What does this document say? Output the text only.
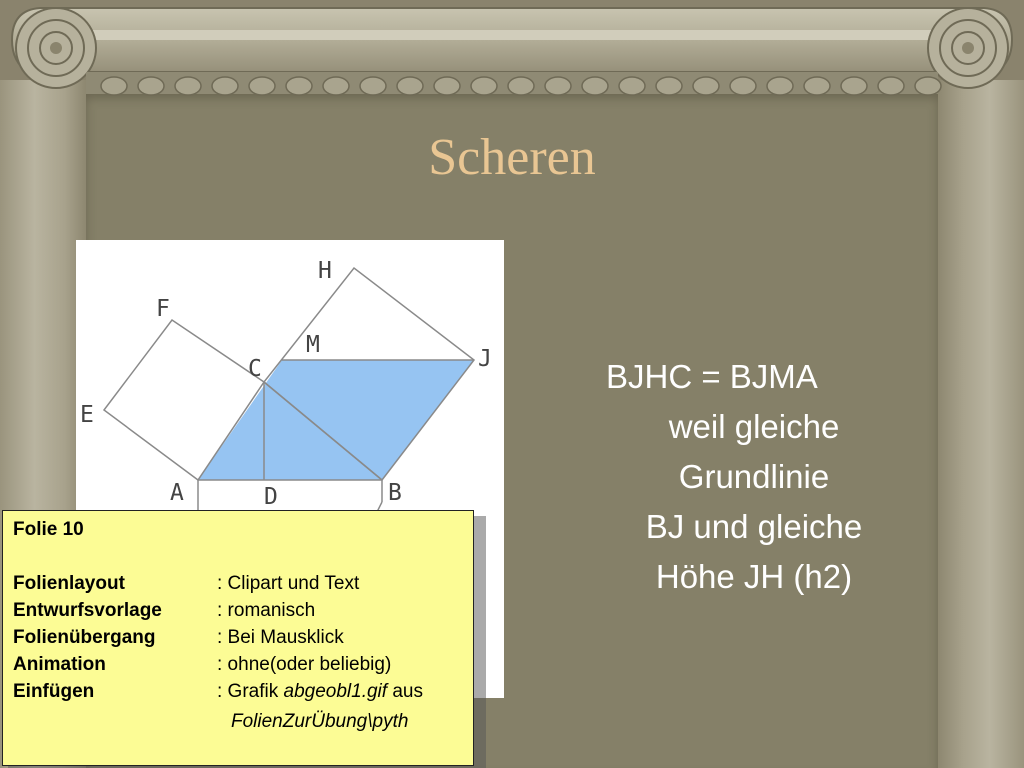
Scheren
H
F
M
J
C
E
A	D	B
BJHC = BJMA
weil gleiche
Grundlinie
BJ und gleiche
Höhe JH (h2)
Folie 10
Folienlayout	: Clipart und Text
Entwurfsvorlage	: romanisch
Folienübergang	: Bei Mausklick
Animation	: ohne(oder beliebig)
Einfügen	: Grafik abgeobl1.gif aus
FolienZurÜbung\pyth
